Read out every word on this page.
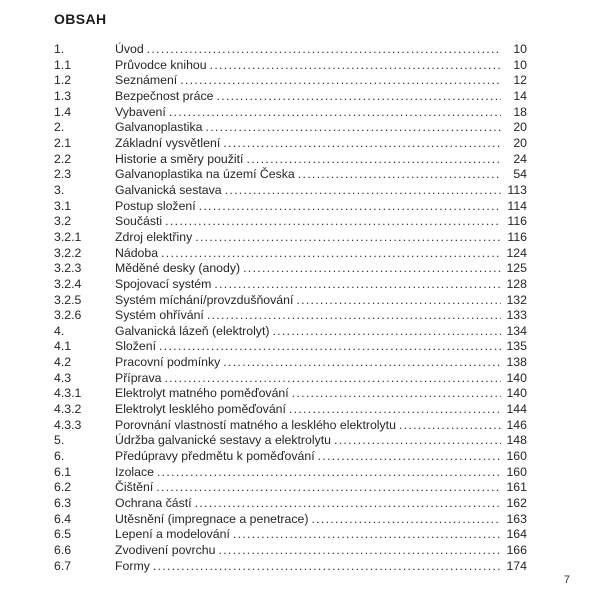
OBSAH
1.	Úvod .....	10
1.1	Průvodce knihou .....	10
1.2	Seznámení .....	12
1.3	Bezpečnost práce .....	14
1.4	Vybavení .....	18
2.	Galvanoplastika .....	20
2.1	Základní vysvětlení .....	20
2.2	Historie a směry použití .....	24
2.3	Galvanoplastika na území Česka .....	54
3.	Galvanická sestava .....	113
3.1	Postup složení .....	114
3.2	Součásti .....	116
3.2.1	Zdroj elektřiny .....	116
3.2.2	Nádoba .....	124
3.2.3	Měděné desky (anody) .....	125
3.2.4	Spojovací systém .....	128
3.2.5	Systém míchání/provzdušňování .....	132
3.2.6	Systém ohřívání .....	133
4.	Galvanická lázeň (elektrolyt) .....	134
4.1	Složení .....	135
4.2	Pracovní podmínky .....	138
4.3	Příprava .....	140
4.3.1	Elektrolyt matného poměďování .....	140
4.3.2	Elektrolyt lesklého poměďování .....	144
4.3.3	Porovnání vlastností matného a lesklého elektrolytu .....	146
5.	Údržba galvanické sestavy a elektrolytu .....	148
6.	Předúpravy předmětu k poměďování .....	160
6.1	Izolace .....	160
6.2	Čištění .....	161
6.3	Ochrana částí .....	162
6.4	Utěsnění (impregnace a penetrace) .....	163
6.5	Lepení a modelování .....	164
6.6	Zvodivení povrchu .....	166
6.7	Formy .....	174
7
